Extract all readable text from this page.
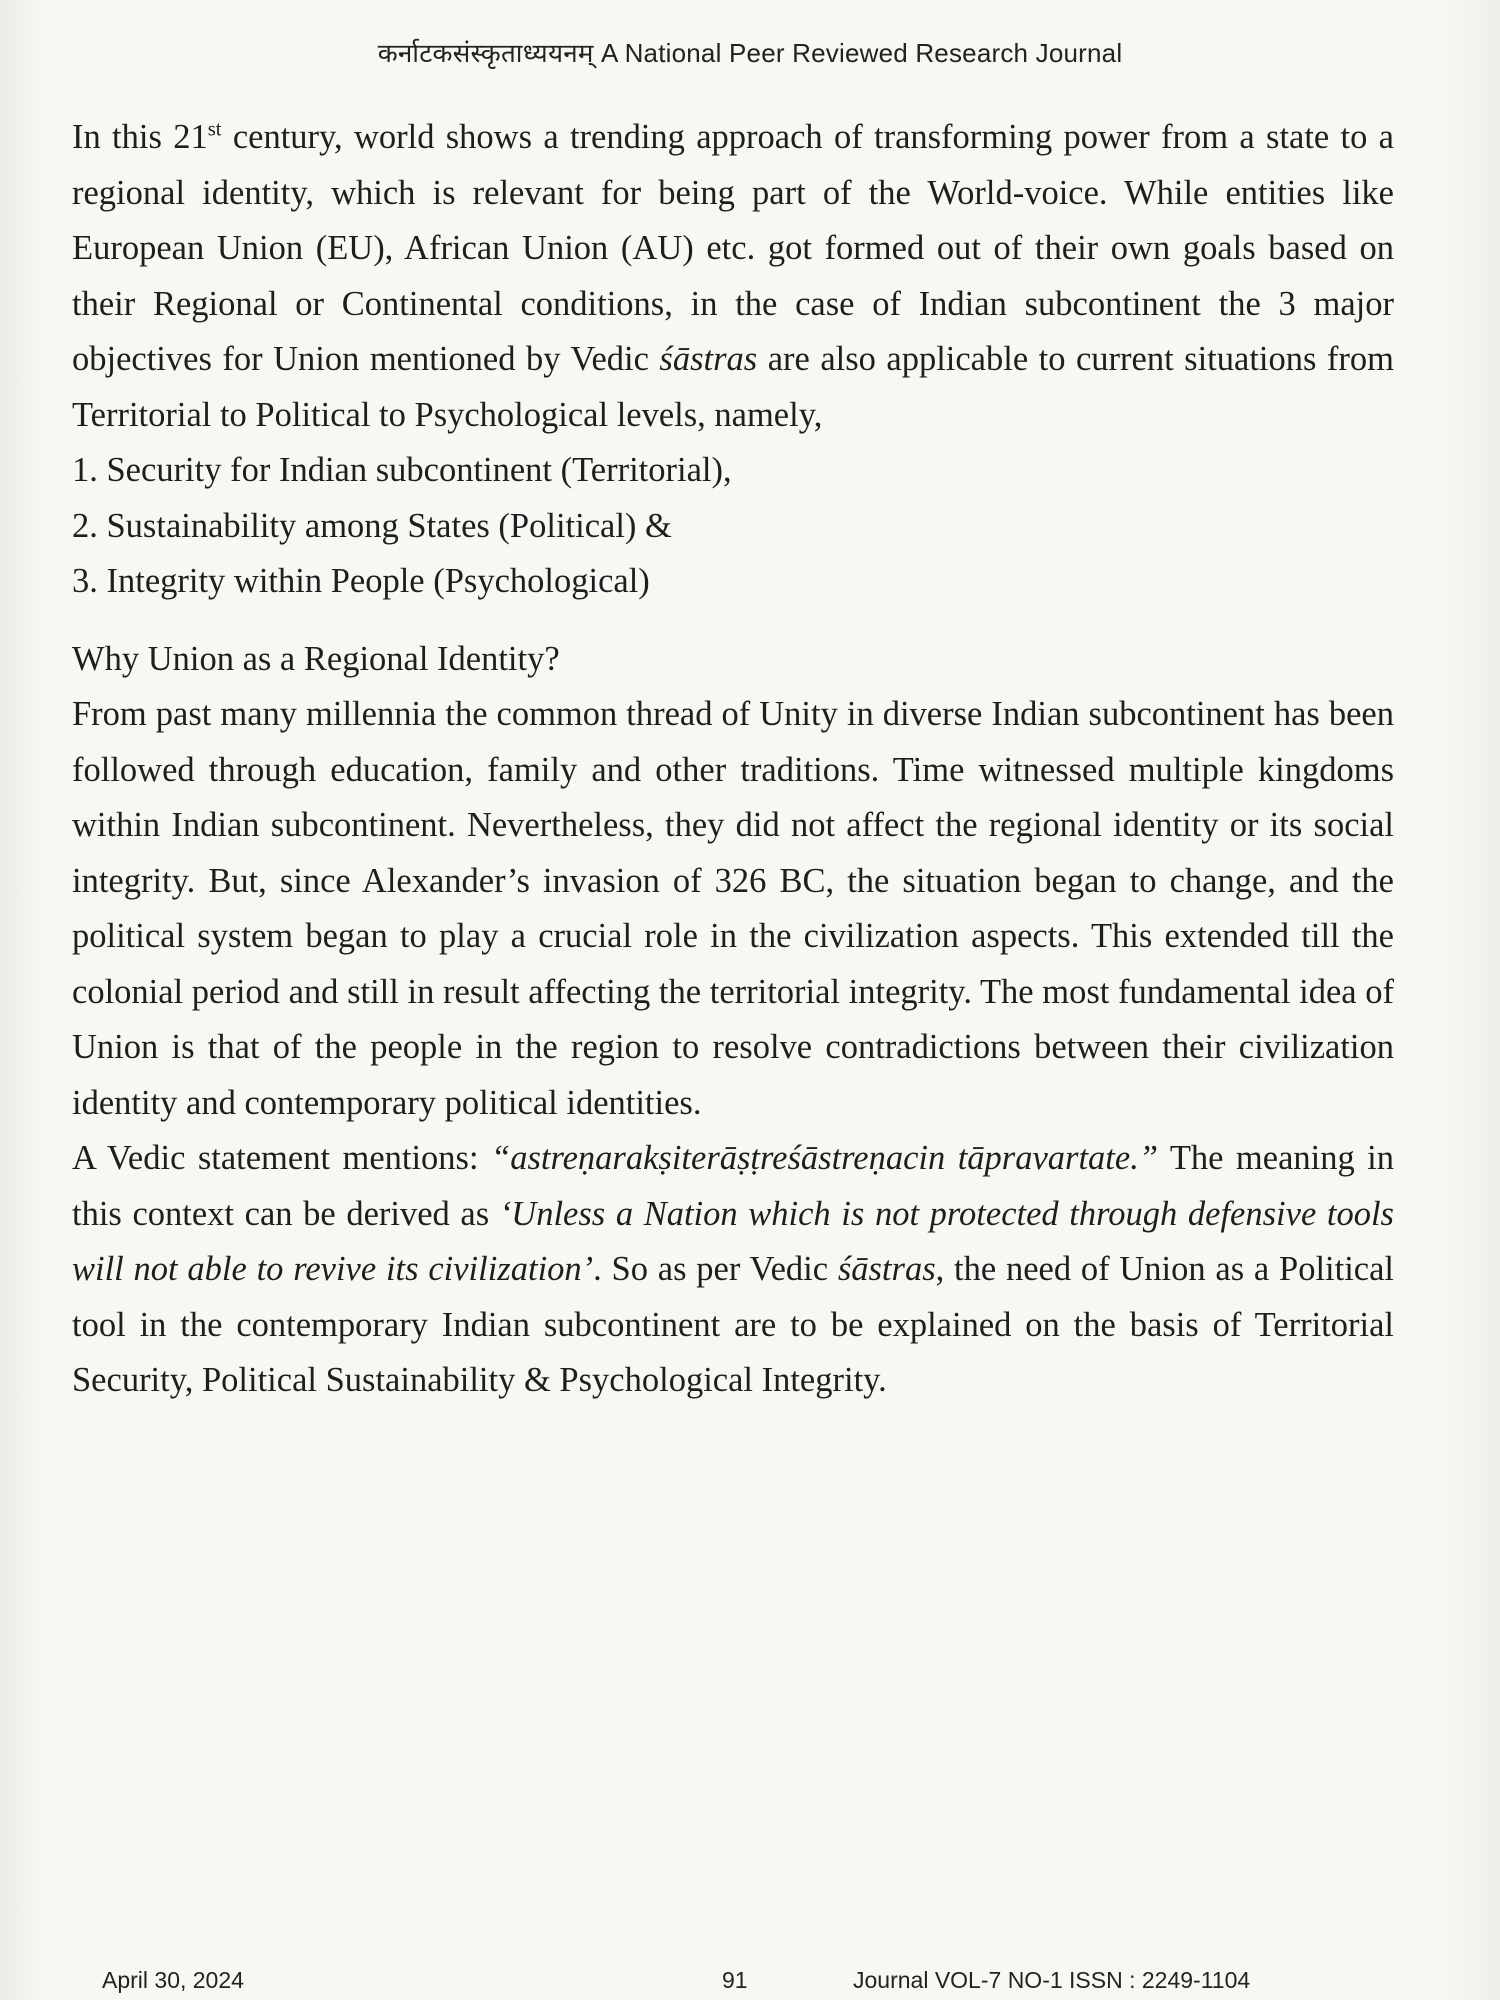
कर्नाटकसंस्कृताध्ययनम् A National Peer Reviewed Research Journal

In this 21st century, world shows a trending approach of transforming power from a state to a regional identity, which is relevant for being part of the World-voice. While entities like European Union (EU), African Union (AU) etc. got formed out of their own goals based on their Regional or Continental conditions, in the case of Indian subcontinent the 3 major objectives for Union mentioned by Vedic śāstras are also applicable to current situations from Territorial to Political to Psychological levels, namely,

1. Security for Indian subcontinent (Territorial),
2. Sustainability among States (Political) &
3. Integrity within People (Psychological)

Why Union as a Regional Identity?

From past many millennia the common thread of Unity in diverse Indian subcontinent has been followed through education, family and other traditions. Time witnessed multiple kingdoms within Indian subcontinent. Nevertheless, they did not affect the regional identity or its social integrity. But, since Alexander’s invasion of 326 BC, the situation began to change, and the political system began to play a crucial role in the civilization aspects. This extended till the colonial period and still in result affecting the territorial integrity. The most fundamental idea of Union is that of the people in the region to resolve contradictions between their civilization identity and contemporary political identities.

A Vedic statement mentions: “astreṇarakṣiterāṣṭreśāstreṇacin tāpravartate.” The meaning in this context can be derived as ‘Unless a Nation which is not protected through defensive tools will not able to revive its civilization’. So as per Vedic śāstras, the need of Union as a Political tool in the contemporary Indian subcontinent are to be explained on the basis of Territorial Security, Political Sustainability & Psychological Integrity.

April 30, 2024	91	Journal VOL-7 NO-1 ISSN : 2249-1104
